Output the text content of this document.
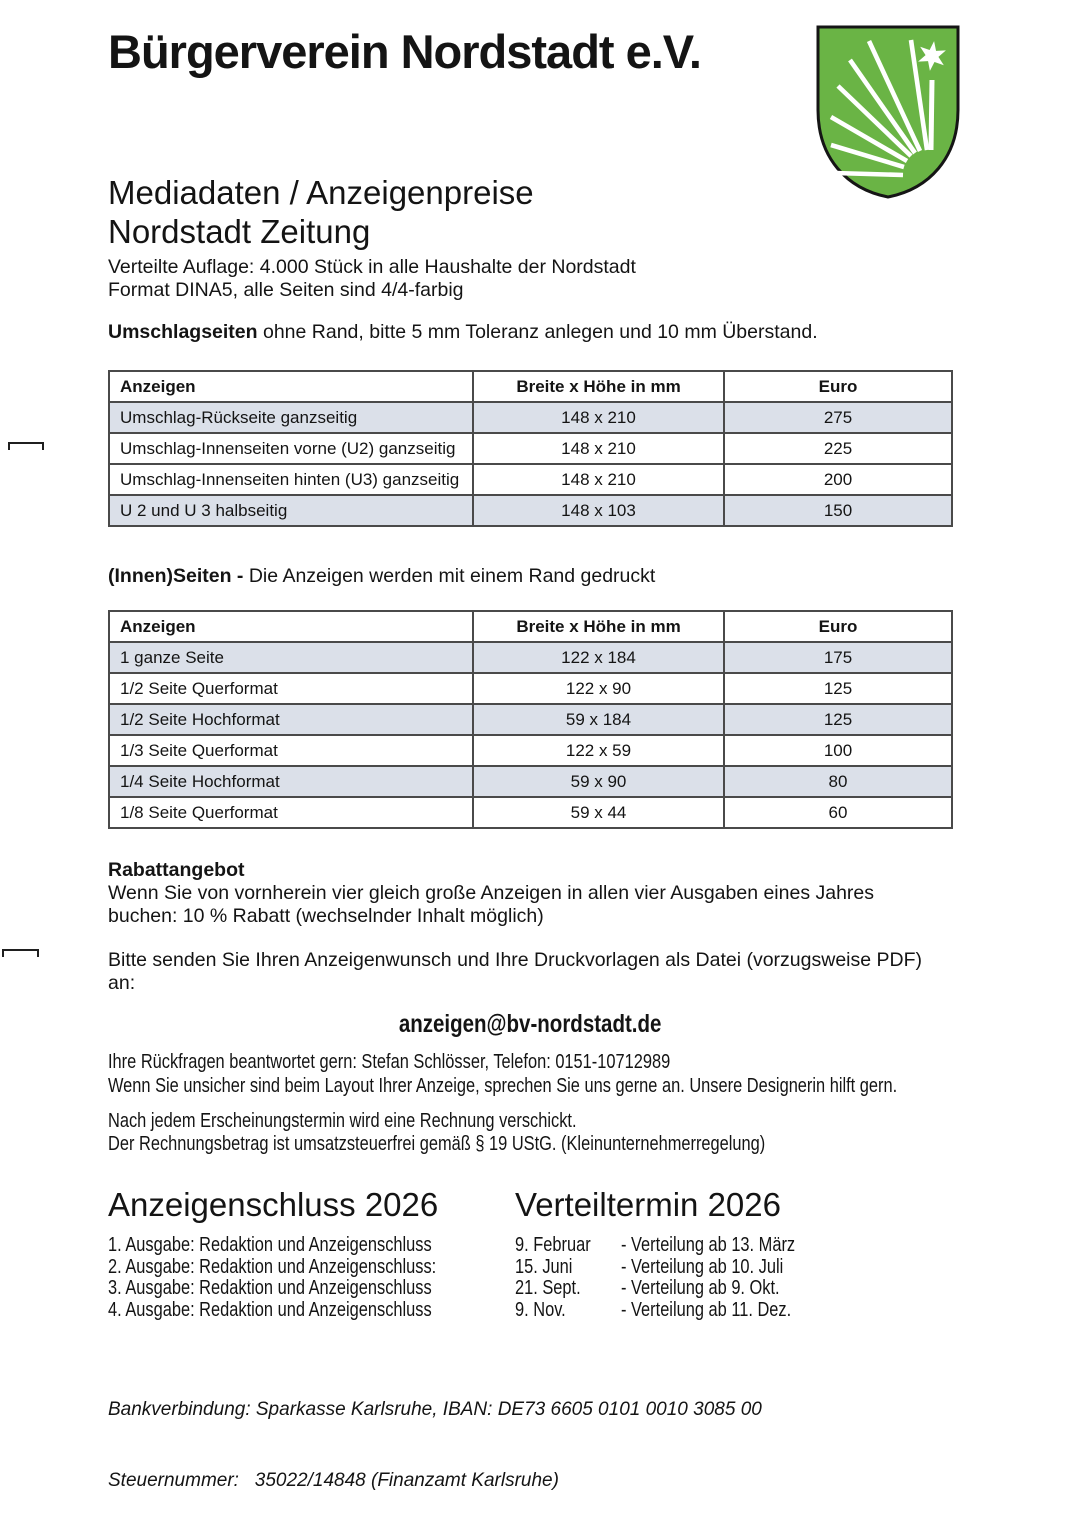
Bürgerverein Nordstadt e.V.
Mediadaten / Anzeigenpreise
Nordstadt Zeitung
Verteilte Auflage: 4.000 Stück in alle Haushalte der Nordstadt
Format DINA5, alle Seiten sind 4/4-farbig
Umschlagseiten ohne Rand, bitte 5 mm Toleranz anlegen und 10 mm Überstand.
Anzeigen	Breite x Höhe in mm	Euro
Umschlag-Rückseite ganzseitig	148 x 210	275
Umschlag-Innenseiten vorne (U2) ganzseitig	148 x 210	225
Umschlag-Innenseiten hinten (U3) ganzseitig	148 x 210	200
U 2 und U 3 halbseitig	148 x 103	150
(Innen)Seiten - Die Anzeigen werden mit einem Rand gedruckt
Anzeigen	Breite x Höhe in mm	Euro
1 ganze Seite	122 x 184	175
1/2 Seite Querformat	122 x 90	125
1/2 Seite Hochformat	59 x 184	125
1/3 Seite Querformat	122 x 59	100
1/4 Seite Hochformat	59 x 90	80
1/8 Seite Querformat	59 x 44	60
Rabattangebot
Wenn Sie von vornherein vier gleich große Anzeigen in allen vier Ausgaben eines Jahres
buchen: 10 % Rabatt (wechselnder Inhalt möglich)
Bitte senden Sie Ihren Anzeigenwunsch und Ihre Druckvorlagen als Datei (vorzugsweise PDF)
an:
anzeigen@bv-nordstadt.de
Ihre Rückfragen beantwortet gern: Stefan Schlösser, Telefon: 0151-10712989
Wenn Sie unsicher sind beim Layout Ihrer Anzeige, sprechen Sie uns gerne an. Unsere Designerin hilft gern.
Nach jedem Erscheinungstermin wird eine Rechnung verschickt.
Der Rechnungsbetrag ist umsatzsteuerfrei gemäß § 19 UStG. (Kleinunternehmerregelung)
Anzeigenschluss 2026 Verteiltermin 2026
1. Ausgabe: Redaktion und Anzeigenschluss	9. Februar	- Verteilung ab 13. März
2. Ausgabe: Redaktion und Anzeigenschluss:	15. Juni	- Verteilung ab 10. Juli
3. Ausgabe: Redaktion und Anzeigenschluss	21. Sept.	- Verteilung ab 9. Okt.
4. Ausgabe: Redaktion und Anzeigenschluss	9. Nov.	- Verteilung ab 11. Dez.

Bankverbindung: Sparkasse Karlsruhe, IBAN: DE73 6605 0101 0010 3085 00

Steuernummer:   35022/14848 (Finanzamt Karlsruhe)
